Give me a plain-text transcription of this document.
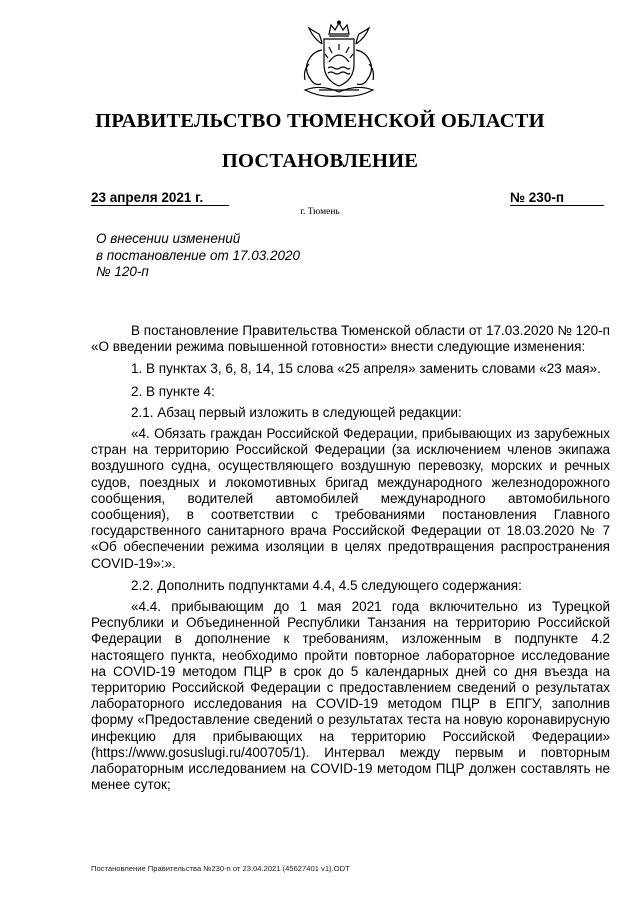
ПРАВИТЕЛЬСТВО ТЮМЕНСКОЙ ОБЛАСТИ
ПОСТАНОВЛЕНИЕ
23 апреля 2021 г.	№ 230-п
г. Тюмень
О внесении изменений
в постановление от 17.03.2020
№ 120-п

В постановление Правительства Тюменской области от 17.03.2020 № 120-п «О введении режима повышенной готовности» внести следующие изменения:

1. В пунктах 3, 6, 8, 14, 15 слова «25 апреля» заменить словами «23 мая».

2. В пункте 4:

2.1. Абзац первый изложить в следующей редакции:

«4. Обязать граждан Российской Федерации, прибывающих из зарубежных стран на территорию Российской Федерации (за исключением членов экипажа воздушного судна, осуществляющего воздушную перевозку, морских и речных судов, поездных и локомотивных бригад международного железнодорожного сообщения, водителей автомобилей международного автомобильного сообщения), в соответствии с требованиями постановления Главного государственного санитарного врача Российской Федерации от 18.03.2020 № 7 «Об обеспечении режима изоляции в целях предотвращения распространения COVID-19»:».

2.2. Дополнить подпунктами 4.4, 4.5 следующего содержания:

«4.4. прибывающим до 1 мая 2021 года включительно из Турецкой Республики и Объединенной Республики Танзания на территорию Российской Федерации в дополнение к требованиям, изложенным в подпункте 4.2 настоящего пункта, необходимо пройти повторное лабораторное исследование на COVID-19 методом ПЦР в срок до 5 календарных дней со дня въезда на территорию Российской Федерации с предоставлением сведений о результатах лабораторного исследования на COVID-19 методом ПЦР в ЕПГУ, заполнив форму «Предоставление сведений о результатах теста на новую коронавирусную инфекцию для прибывающих на территорию Российской Федерации» (https://www.gosuslugi.ru/400705/1). Интервал между первым и повторным лабораторным исследованием на COVID-19 методом ПЦР должен составлять не менее суток;

Постановление Правительства №230-п от 23.04.2021 (45627401 v1).ODT
